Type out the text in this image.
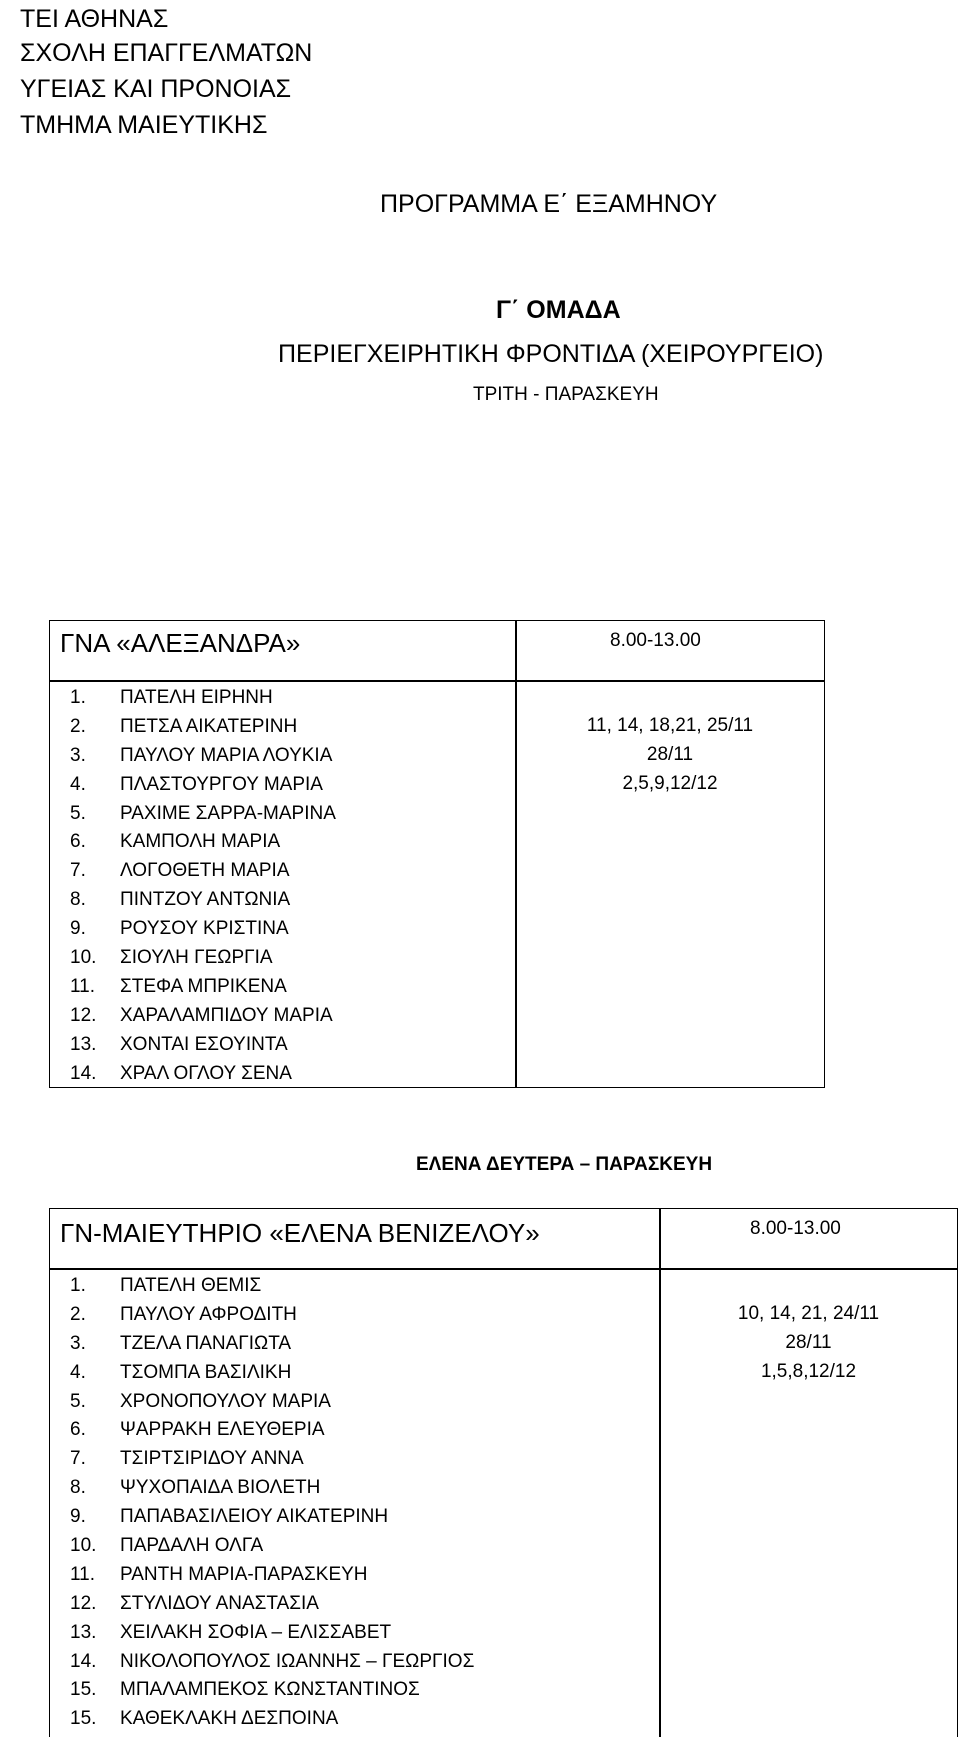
ΤΕΙ ΑΘΗΝΑΣ
ΣΧΟΛΗ ΕΠΑΓΓΕΛΜΑΤΩΝ
ΥΓΕΙΑΣ ΚΑΙ ΠΡΟΝΟΙΑΣ
ΤΜΗΜΑ ΜΑΙΕΥΤΙΚΗΣ
ΠΡΟΓΡΑΜΜΑ Ε΄ ΕΞΑΜΗΝΟΥ
Γ΄ ΟΜΑΔΑ
ΠΕΡΙΕΓΧΕΙΡΗΤΙΚΗ ΦΡΟΝΤΙΔΑ (ΧΕΙΡΟΥΡΓΕΙΟ)
ΤΡΙΤΗ - ΠΑΡΑΣΚΕΥΗ
ΓΝΑ «ΑΛΕΞΑΝΔΡΑ»	8.00-13.00
1. ΠΑΤΕΛΗ ΕΙΡΗΝΗ
2. ΠΕΤΣΑ ΑΙΚΑΤΕΡΙΝΗ
3. ΠΑΥΛΟΥ ΜΑΡΙΑ ΛΟΥΚΙΑ
4. ΠΛΑΣΤΟΥΡΓΟΥ ΜΑΡΙΑ
5. ΡΑΧΙΜΕ ΣΑΡΡΑ-ΜΑΡΙΝΑ
6. ΚΑΜΠΟΛΗ ΜΑΡΙΑ
7. ΛΟΓΟΘΕΤΗ ΜΑΡΙΑ
8. ΠΙΝΤΖΟΥ ΑΝΤΩΝΙΑ
9. ΡΟΥΣΟΥ ΚΡΙΣΤΙΝΑ
10. ΣΙΟΥΛΗ ΓΕΩΡΓΙΑ
11. ΣΤΕΦΑ ΜΠΡΙΚΕΝΑ
12. ΧΑΡΑΛΑΜΠΙΔΟΥ ΜΑΡΙΑ
13. ΧΟΝΤΑΙ ΕΣΟΥΙΝΤΑ
14. ΧΡΑΛ ΟΓΛΟΥ ΣΕΝΑ
11, 14, 18,21, 25/11
28/11
2,5,9,12/12
ΕΛΕΝΑ ΔΕΥΤΕΡΑ – ΠΑΡΑΣΚΕΥΗ
ΓΝ-ΜΑΙΕΥΤΗΡΙΟ «ΕΛΕΝΑ ΒΕΝΙΖΕΛΟΥ»	8.00-13.00
1. ΠΑΤΕΛΗ ΘΕΜΙΣ
2. ΠΑΥΛΟΥ ΑΦΡΟΔΙΤΗ
3. ΤΖΕΛΑ ΠΑΝΑΓΙΩΤΑ
4. ΤΣΟΜΠΑ ΒΑΣΙΛΙΚΗ
5. ΧΡΟΝΟΠΟΥΛΟΥ ΜΑΡΙΑ
6. ΨΑΡΡΑΚΗ ΕΛΕΥΘΕΡΙΑ
7. ΤΣΙΡΤΣΙΡΙΔΟΥ ΑΝΝΑ
8. ΨΥΧΟΠΑΙΔΑ ΒΙΟΛΕΤΗ
9. ΠΑΠΑΒΑΣΙΛΕΙΟΥ ΑΙΚΑΤΕΡΙΝΗ
10. ΠΑΡΔΑΛΗ ΟΛΓΑ
11. ΡΑΝΤΗ ΜΑΡΙΑ-ΠΑΡΑΣΚΕΥΗ
12. ΣΤΥΛΙΔΟΥ ΑΝΑΣΤΑΣΙΑ
13. ΧΕΙΛΑΚΗ ΣΟΦΙΑ – ΕΛΙΣΣΑΒΕΤ
14. ΝΙΚΟΛΟΠΟΥΛΟΣ ΙΩΑΝΝΗΣ – ΓΕΩΡΓΙΟΣ
15. ΜΠΑΛΑΜΠΕΚΟΣ ΚΩΝΣΤΑΝΤΙΝΟΣ
15. ΚΑΘΕΚΛΑΚΗ ΔΕΣΠΟΙΝΑ
10, 14, 21, 24/11
28/11
1,5,8,12/12
